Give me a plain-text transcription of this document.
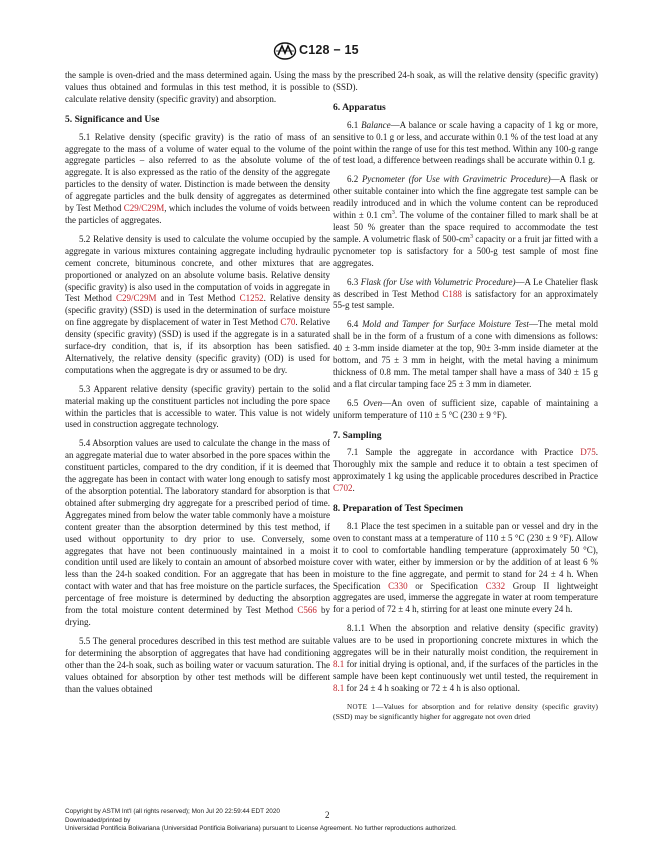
C128 − 15

the sample is oven-dried and the mass determined again. Using the mass values thus obtained and formulas in this test method, it is possible to calculate relative density (specific gravity) and absorption.

5. Significance and Use

5.1 Relative density (specific gravity) is the ratio of mass of an aggregate to the mass of a volume of water equal to the volume of the aggregate particles – also referred to as the absolute volume of the aggregate. It is also expressed as the ratio of the density of the aggregate particles to the density of water. Distinction is made between the density of aggregate particles and the bulk density of aggregates as determined by Test Method C29/C29M, which includes the volume of voids between the particles of aggregates.

5.2 Relative density is used to calculate the volume occupied by the aggregate in various mixtures containing aggregate including hydraulic cement concrete, bituminous concrete, and other mixtures that are proportioned or analyzed on an absolute volume basis. Relative density (specific gravity) is also used in the computation of voids in aggregate in Test Method C29/C29M and in Test Method C1252. Relative density (specific gravity) (SSD) is used in the determination of surface moisture on fine aggregate by displacement of water in Test Method C70. Relative density (specific gravity) (SSD) is used if the aggregate is in a saturated surface-dry condition, that is, if its absorption has been satisfied. Alternatively, the relative density (specific gravity) (OD) is used for computations when the aggregate is dry or assumed to be dry.

5.3 Apparent relative density (specific gravity) pertain to the solid material making up the constituent particles not including the pore space within the particles that is accessible to water. This value is not widely used in construction aggregate technology.

5.4 Absorption values are used to calculate the change in the mass of an aggregate material due to water absorbed in the pore spaces within the constituent particles, compared to the dry condition, if it is deemed that the aggregate has been in contact with water long enough to satisfy most of the absorption potential. The laboratory standard for absorption is that obtained after submerging dry aggregate for a prescribed period of time. Aggregates mined from below the water table commonly have a moisture content greater than the absorption determined by this test method, if used without opportunity to dry prior to use. Conversely, some aggregates that have not been continuously maintained in a moist condition until used are likely to contain an amount of absorbed moisture less than the 24-h soaked condition. For an aggregate that has been in contact with water and that has free moisture on the particle surfaces, the percentage of free moisture is determined by deducting the absorption from the total moisture content determined by Test Method C566 by drying.

5.5 The general procedures described in this test method are suitable for determining the absorption of aggregates that have had conditioning other than the 24-h soak, such as boiling water or vacuum saturation. The values obtained for absorption by other test methods will be different than the values obtained

by the prescribed 24-h soak, as will the relative density (specific gravity) (SSD).

6. Apparatus

6.1 Balance—A balance or scale having a capacity of 1 kg or more, sensitive to 0.1 g or less, and accurate within 0.1 % of the test load at any point within the range of use for this test method. Within any 100-g range of test load, a difference between readings shall be accurate within 0.1 g.

6.2 Pycnometer (for Use with Gravimetric Procedure)—A flask or other suitable container into which the fine aggregate test sample can be readily introduced and in which the volume content can be reproduced within ± 0.1 $cm^3$. The volume of the container filled to mark shall be at least 50 % greater than the space required to accommodate the test sample. A volumetric flask of $500-cm^3$ capacity or a fruit jar fitted with a pycnometer top is satisfactory for a 500-g test sample of most fine aggregates.

6.3 Flask (for Use with Volumetric Procedure)—A Le Chatelier flask as described in Test Method C188 is satisfactory for an approximately 55-g test sample.

6.4 Mold and Tamper for Surface Moisture Test—The metal mold shall be in the form of a frustum of a cone with dimensions as follows: 40 ± 3-mm inside diameter at the top, 90± 3-mm inside diameter at the bottom, and 75 ± 3 mm in height, with the metal having a minimum thickness of 0.8 mm. The metal tamper shall have a mass of 340 ± 15 g and a flat circular tamping face 25 ± 3 mm in diameter.

6.5 Oven—An oven of sufficient size, capable of maintaining a uniform temperature of 110 ± 5 °C (230 ± 9 °F).

7. Sampling

7.1 Sample the aggregate in accordance with Practice D75. Thoroughly mix the sample and reduce it to obtain a test specimen of approximately 1 kg using the applicable procedures described in Practice C702.

8. Preparation of Test Specimen

8.1 Place the test specimen in a suitable pan or vessel and dry in the oven to constant mass at a temperature of 110 ± 5 °C (230 ± 9 °F). Allow it to cool to comfortable handling temperature (approximately 50 °C), cover with water, either by immersion or by the addition of at least 6 % moisture to the fine aggregate, and permit to stand for 24 ± 4 h. When Specification C330 or Specification C332 Group II lightweight aggregates are used, immerse the aggregate in water at room temperature for a period of 72 ± 4 h, stirring for at least one minute every 24 h.

8.1.1 When the absorption and relative density (specific gravity) values are to be used in proportioning concrete mixtures in which the aggregates will be in their naturally moist condition, the requirement in 8.1 for initial drying is optional, and, if the surfaces of the particles in the sample have been kept continuously wet until tested, the requirement in 8.1 for 24 ± 4 h soaking or 72 ± 4 h is also optional.

NOTE 1—Values for absorption and for relative density (specific gravity) (SSD) may be significantly higher for aggregate not oven dried

2
Copyright by ASTM Int'l (all rights reserved); Mon Jul 20 22:59:44 EDT 2020
Downloaded/printed by
Universidad Pontificia Bolivariana (Universidad Pontificia Bolivariana) pursuant to License Agreement. No further reproductions authorized.
